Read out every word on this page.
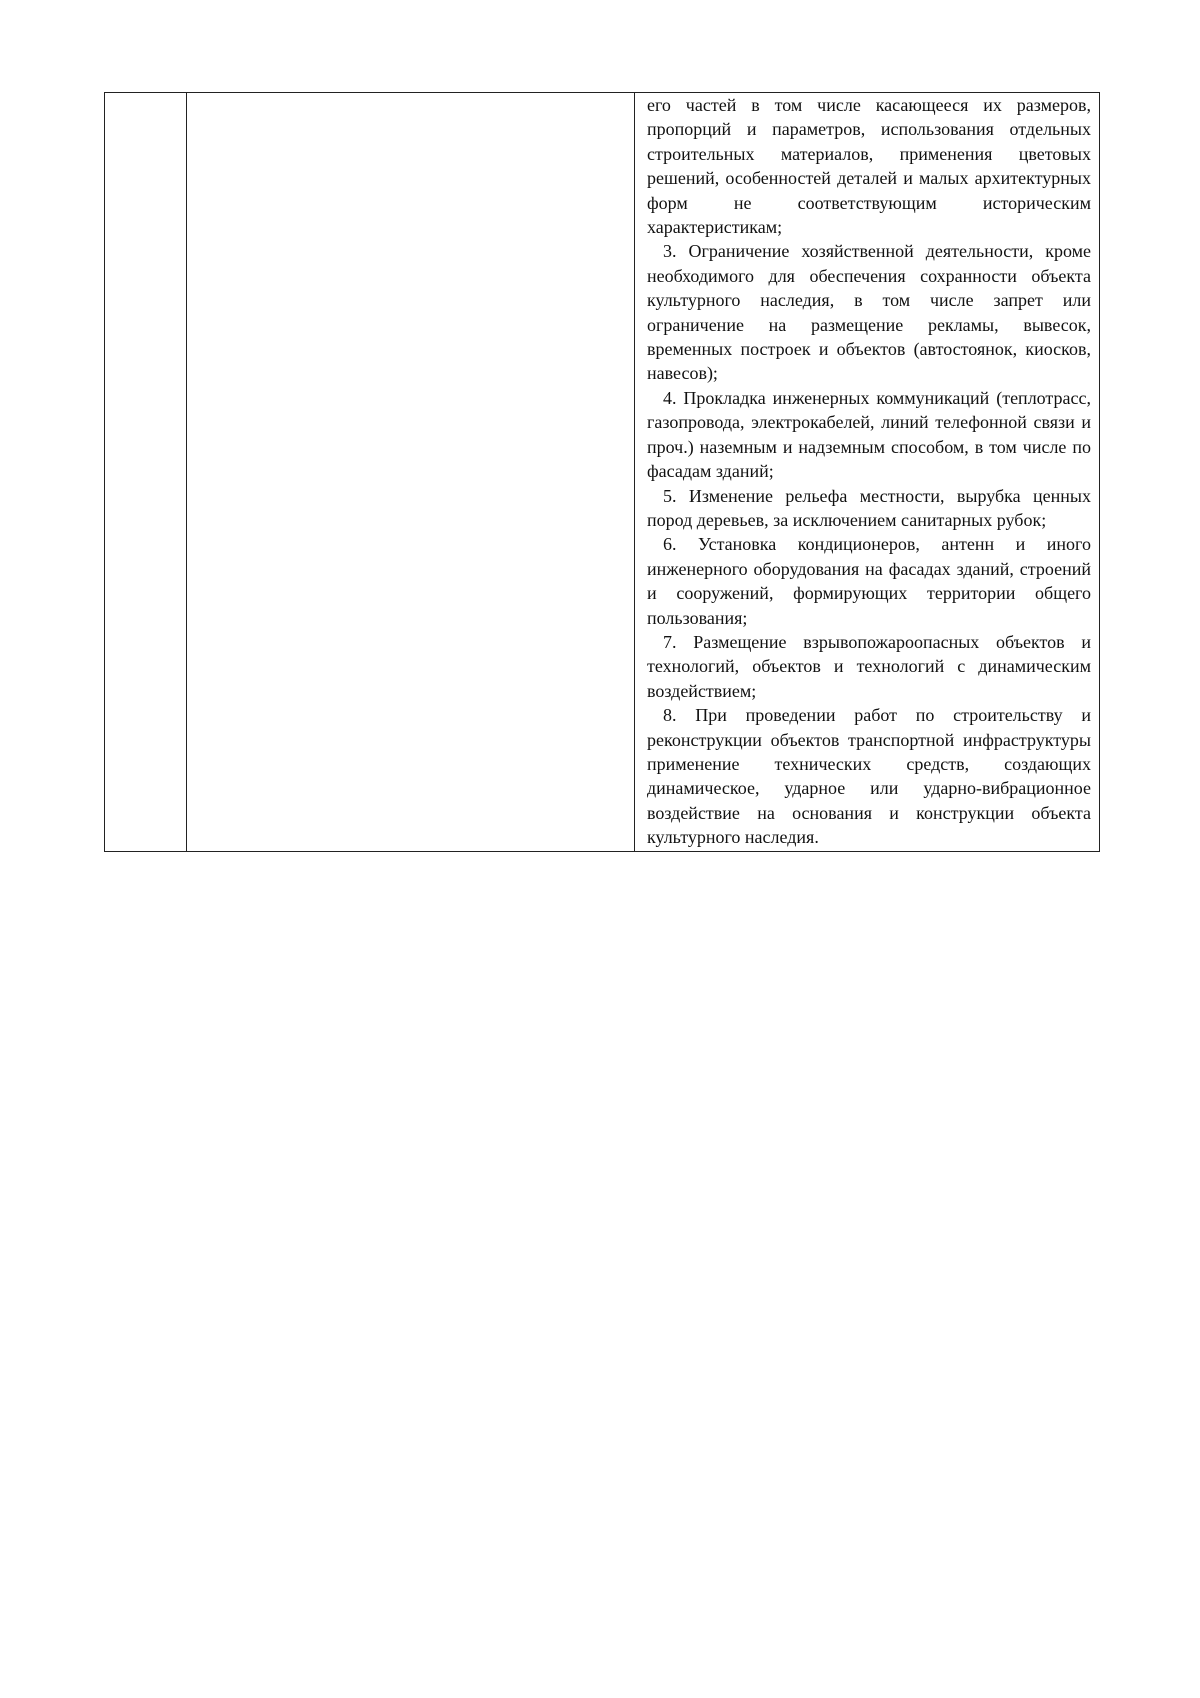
его частей в том числе касающееся их размеров, пропорций и параметров, использования отдельных строительных материалов, применения цветовых решений, особенностей деталей и малых архитектурных форм не соответствующим историческим характеристикам;

3. Ограничение хозяйственной деятельности, кроме необходимого для обеспечения сохранности объекта культурного наследия, в том числе запрет или ограничение на размещение рекламы, вывесок, временных построек и объектов (автостоянок, киосков, навесов);

4. Прокладка инженерных коммуникаций (теплотрасс, газопровода, электрокабелей, линий телефонной связи и проч.) наземным и надземным способом, в том числе по фасадам зданий;

5. Изменение рельефа местности, вырубка ценных пород деревьев, за исключением санитарных рубок;

6. Установка кондиционеров, антенн и иного инженерного оборудования на фасадах зданий, строений и сооружений, формирующих территории общего пользования;

7. Размещение взрывопожароопасных объектов и технологий, объектов и технологий с динамическим воздействием;

8. При проведении работ по строительству и реконструкции объектов транспортной инфраструктуры применение технических средств, создающих динамическое, ударное или ударно-вибрационное воздействие на основания и конструкции объекта культурного наследия.
